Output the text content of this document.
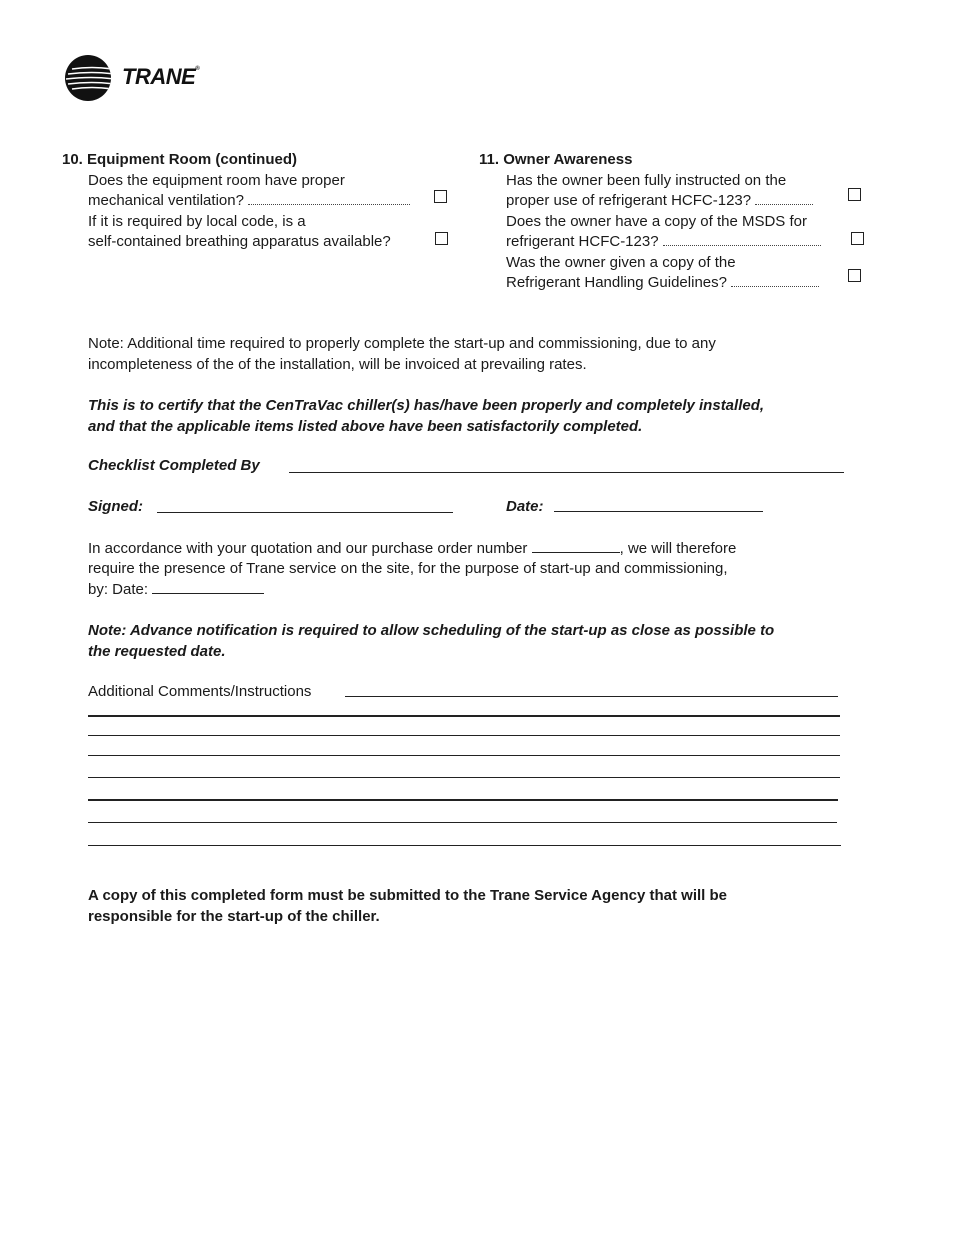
TRANE®
10. Equipment Room (continued)
Does the equipment room have proper
mechanical ventilation?
If it is required by local code, is a
self-contained breathing apparatus available?
11. Owner Awareness
Has the owner been fully instructed on the
proper use of refrigerant HCFC-123?
Does the owner have a copy of the MSDS for
refrigerant HCFC-123?
Was the owner given a copy of the
Refrigerant Handling Guidelines?
Note: Additional time required to properly complete the start-up and commissioning, due to any
incompleteness of the of the installation, will be invoiced at prevailing rates.
This is to certify that the CenTraVac chiller(s) has/have been properly and completely installed,
and that the applicable items listed above have been satisfactorily completed.
Checklist Completed By
Signed:	Date:
In accordance with your quotation and our purchase order number	, we will therefore
require the presence of Trane service on the site, for the purpose of start-up and commissioning,
by: Date:
Note: Advance notification is required to allow scheduling of the start-up as close as possible to
the requested date.
Additional Comments/Instructions
A copy of this completed form must be submitted to the Trane Service Agency that will be
responsible for the start-up of the chiller.
